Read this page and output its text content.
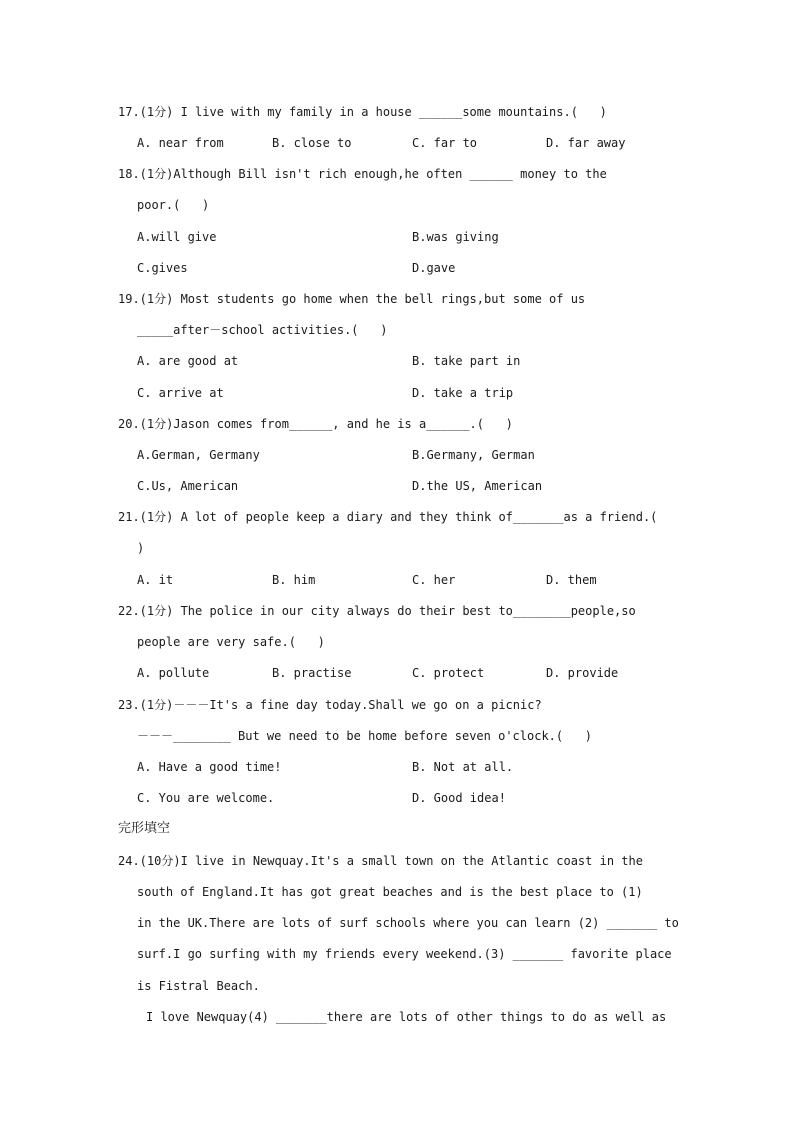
17.(1分) I live with my family in a house ______some mountains.(   )
A. near from	B. close to	C. far to	D. far away
18.(1分)Although Bill isn't rich enough,he often ______ money to the
poor.(   )
A.will give	B.was giving
C.gives	D.gave
19.(1分) Most students go home when the bell rings,but some of us
_____after－school activities.(   )
A. are good at	B. take part in
C. arrive at	D. take a trip
20.(1分)Jason comes from______, and he is a______.(   )
A.German, Germany	B.Germany, German
C.Us, American	D.the US, American
21.(1分) A lot of people keep a diary and they think of_______as a friend.(
)
A. it	B. him	C. her	D. them
22.(1分) The police in our city always do their best to________people,so
people are very safe.(   )
A. pollute	B. practise	C. protect	D. provide
23.(1分)－－－It's a fine day today.Shall we go on a picnic?
－－－________ But we need to be home before seven o'clock.(   )
A. Have a good time!	B. Not at all.
C. You are welcome.	D. Good idea!
完形填空
24.(10分)I live in Newquay.It's a small town on the Atlantic coast in the
south of England.It has got great beaches and is the best place to (1)
in the UK.There are lots of surf schools where you can learn (2) _______ to
surf.I go surfing with my friends every weekend.(3) _______ favorite place
is Fistral Beach.
I love Newquay(4) _______there are lots of other things to do as well as
